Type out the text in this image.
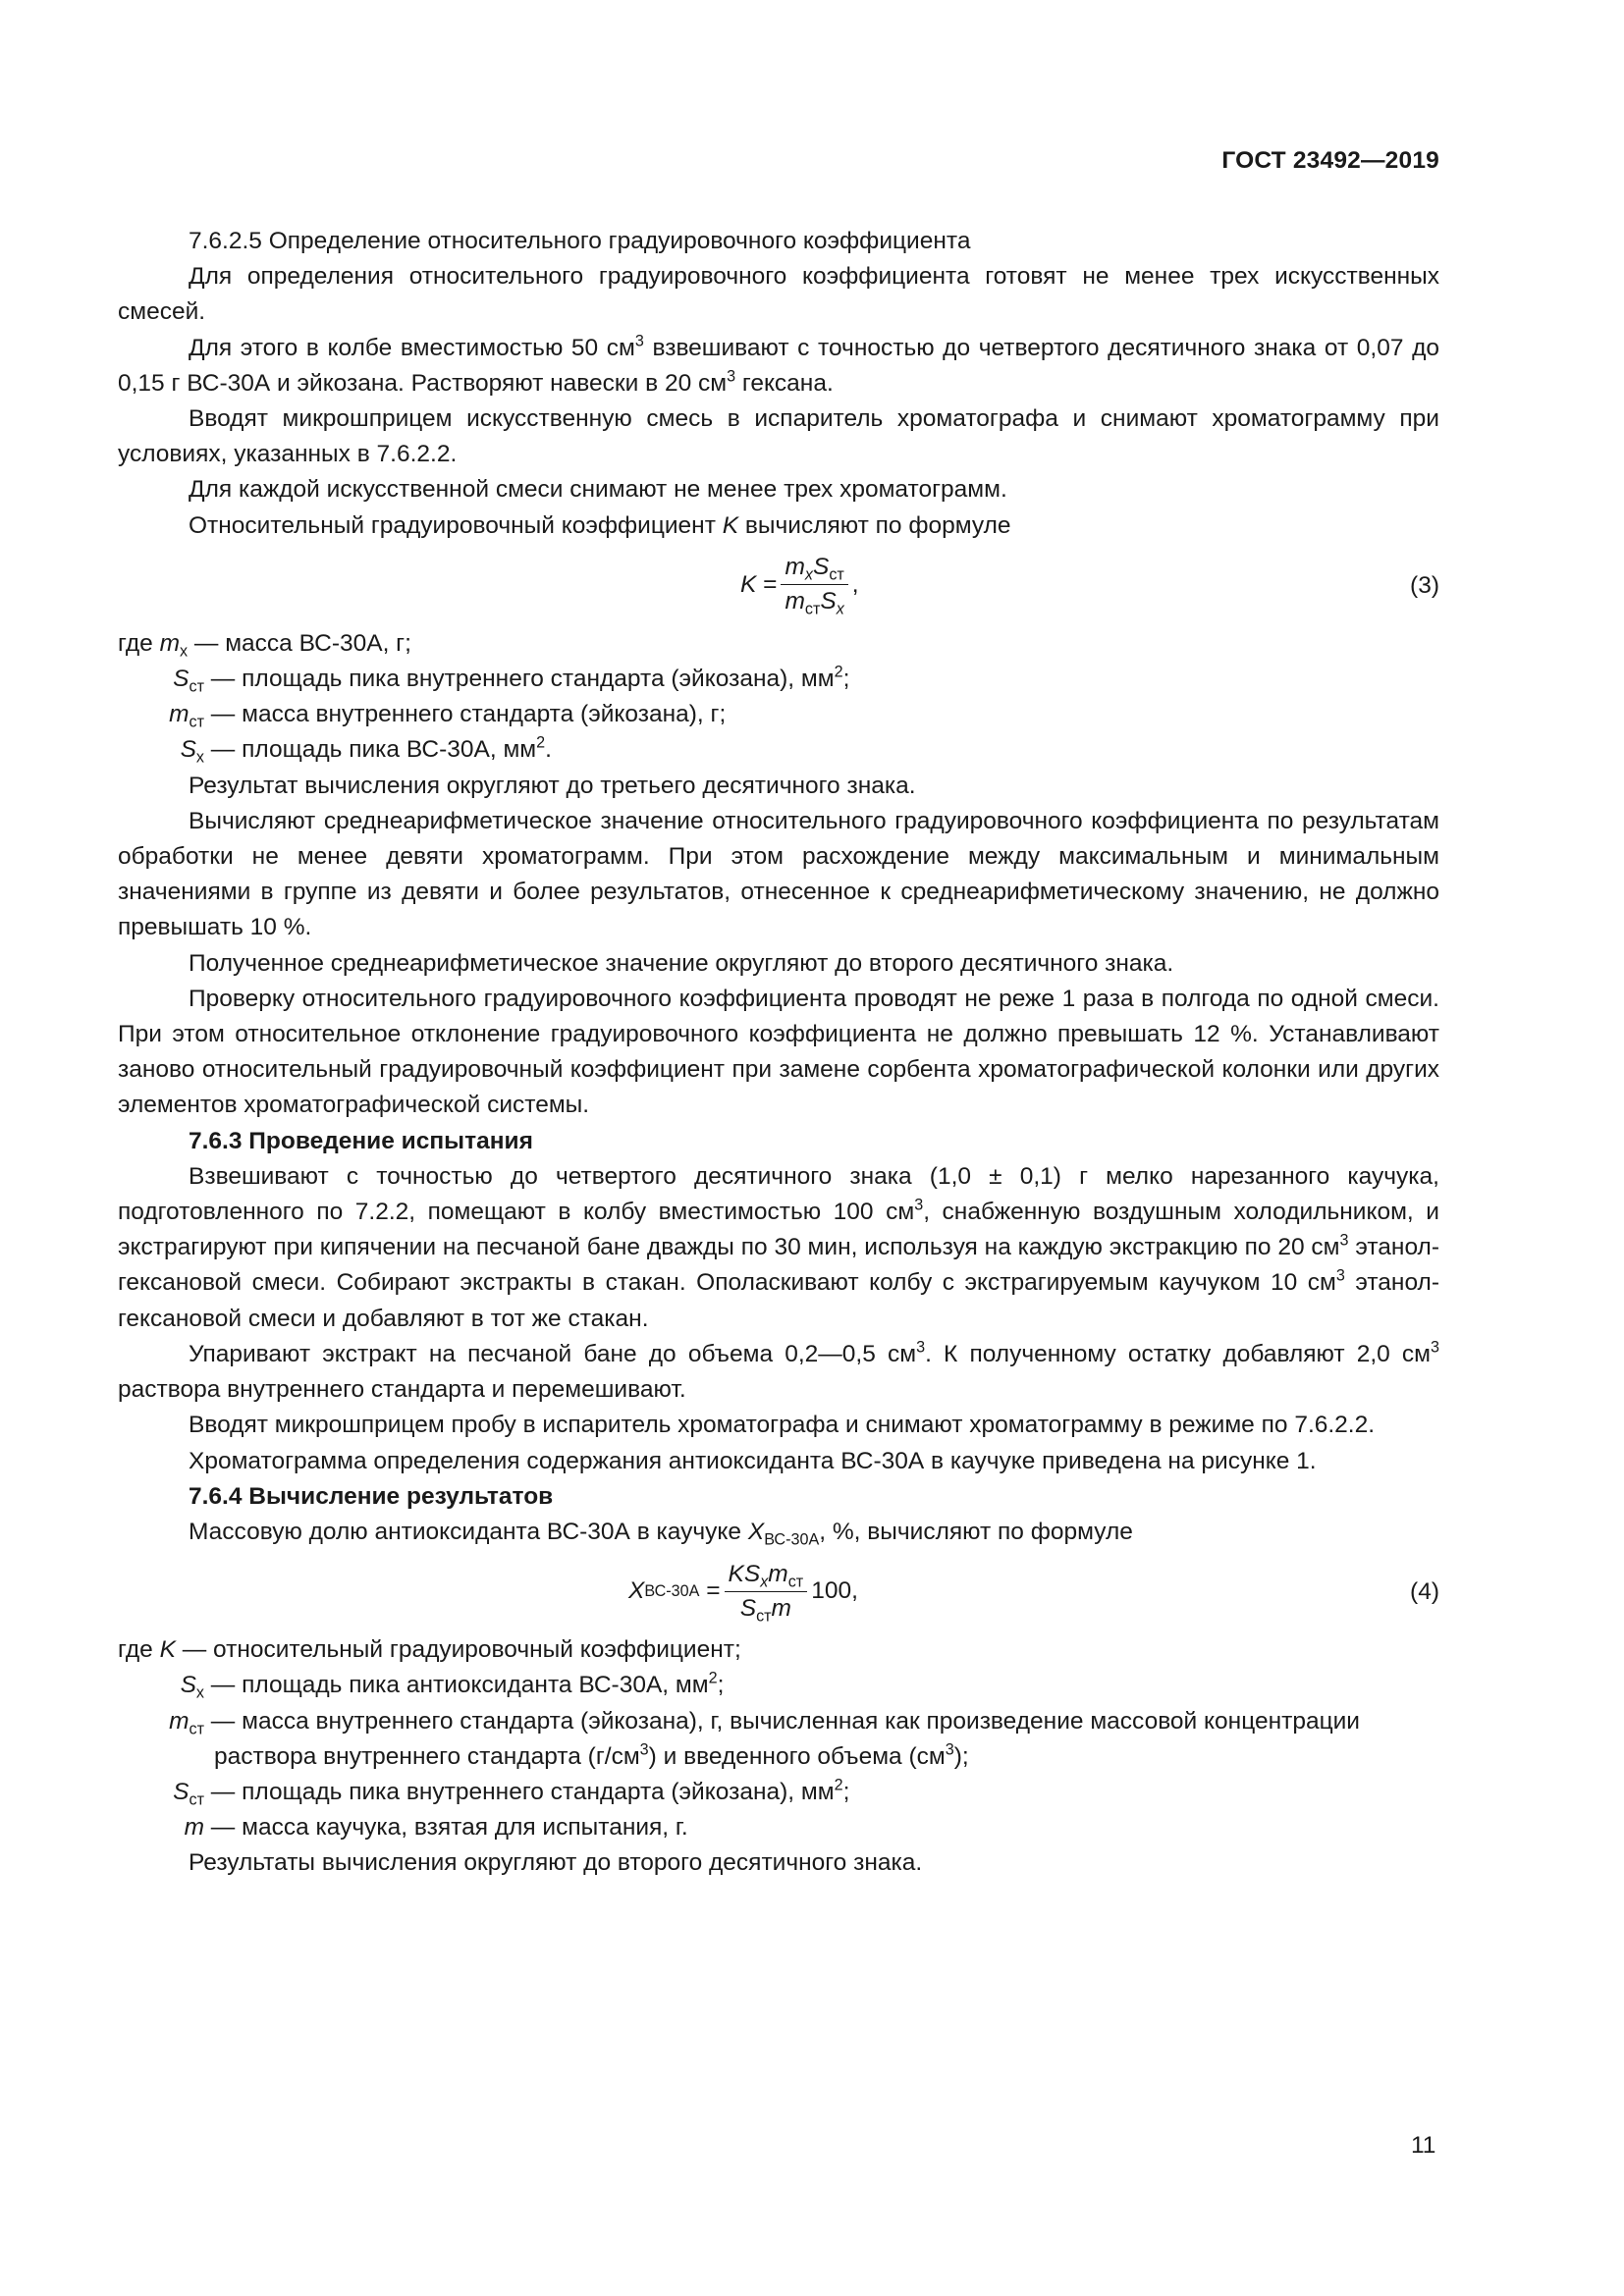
ГОСТ 23492—2019

7.6.2.5 Определение относительного градуировочного коэффициента

Для определения относительного градуировочного коэффициента готовят не менее трех искусственных смесей.

Для этого в колбе вместимостью 50 $см^3$ взвешивают с точностью до четвертого десятичного знака от 0,07 до 0,15 г ВС-30А и эйкозана. Растворяют навески в 20 $см^3$ гексана.

Вводят микрошприцем искусственную смесь в испаритель хроматографа и снимают хроматограмму при условиях, указанных в 7.6.2.2.

Для каждой искусственной смеси снимают не менее трех хроматограмм.

Относительный градуировочный коэффициент K вычисляют по формуле

K
= $\frac{m_xS_{ст}}{m_{ст}S_x}$ ,	(3)

где $m_x$ — масса ВС-30А, г;

$S_{ст}$ — площадь пика внутреннего стандарта (эйкозана), $мм^2$;

$m_{ст}$ — масса внутреннего стандарта (эйкозана), г;

$S_x$ — площадь пика ВС-30А, $мм^2$.

Результат вычисления округляют до третьего десятичного знака.

Вычисляют среднеарифметическое значение относительного градуировочного коэффициента по результатам обработки не менее девяти хроматограмм. При этом расхождение между максимальным и минимальным значениями в группе из девяти и более результатов, отнесенное к среднеарифметическому значению, не должно превышать 10 %.

Полученное среднеарифметическое значение округляют до второго десятичного знака.

Проверку относительного градуировочного коэффициента проводят не реже 1 раза в полгода по одной смеси. При этом относительное отклонение градуировочного коэффициента не должно превышать 12 %. Устанавливают заново относительный градуировочный коэффициент при замене сорбента хроматографической колонки или других элементов хроматографической системы.

7.6.3 Проведение испытания

Взвешивают с точностью до четвертого десятичного знака (1,0 ± 0,1) г мелко нарезанного каучука, подготовленного по 7.2.2, помещают в колбу вместимостью 100 $см^3$, снабженную воздушным холодильником, и экстрагируют при кипячении на песчаной бане дважды по 30 мин, используя на каждую экстракцию по 20 $см^3$ этанол-гексановой смеси. Собирают экстракты в стакан. Ополаскивают колбу с экстрагируемым каучуком 10 $см^3$ этанол-гексановой смеси и добавляют в тот же стакан.

Упаривают экстракт на песчаной бане до объема 0,2—0,5 $см^3$. К полученному остатку добавляют 2,0 $см^3$ раствора внутреннего стандарта и перемешивают.

Вводят микрошприцем пробу в испаритель хроматографа и снимают хроматограмму в режиме по 7.6.2.2.

Хроматограмма определения содержания антиоксиданта ВС-30А в каучуке приведена на рисунке 1.

7.6.4 Вычисление результатов

Массовую долю антиоксиданта ВС-30А в каучуке $X_{ВС-30А}$, %, вычисляют по формуле

X ВС-30А
= $\frac{KS_xm_{ст}}{S_{ст}m} 100$,	(4)

где K — относительный градуировочный коэффициент;

$S_x$ — площадь пика антиоксиданта ВС-30А, $мм^2$;

$m_{ст}$ — масса внутреннего стандарта (эйкозана), г, вычисленная как произведение массовой концентрации раствора внутреннего стандарта $(г/см^3)$ и введенного объема $(см^3)$;

$S_{ст}$ — площадь пика внутреннего стандарта (эйкозана), $мм^2$;

m — масса каучука, взятая для испытания, г.

Результаты вычисления округляют до второго десятичного знака.

11
